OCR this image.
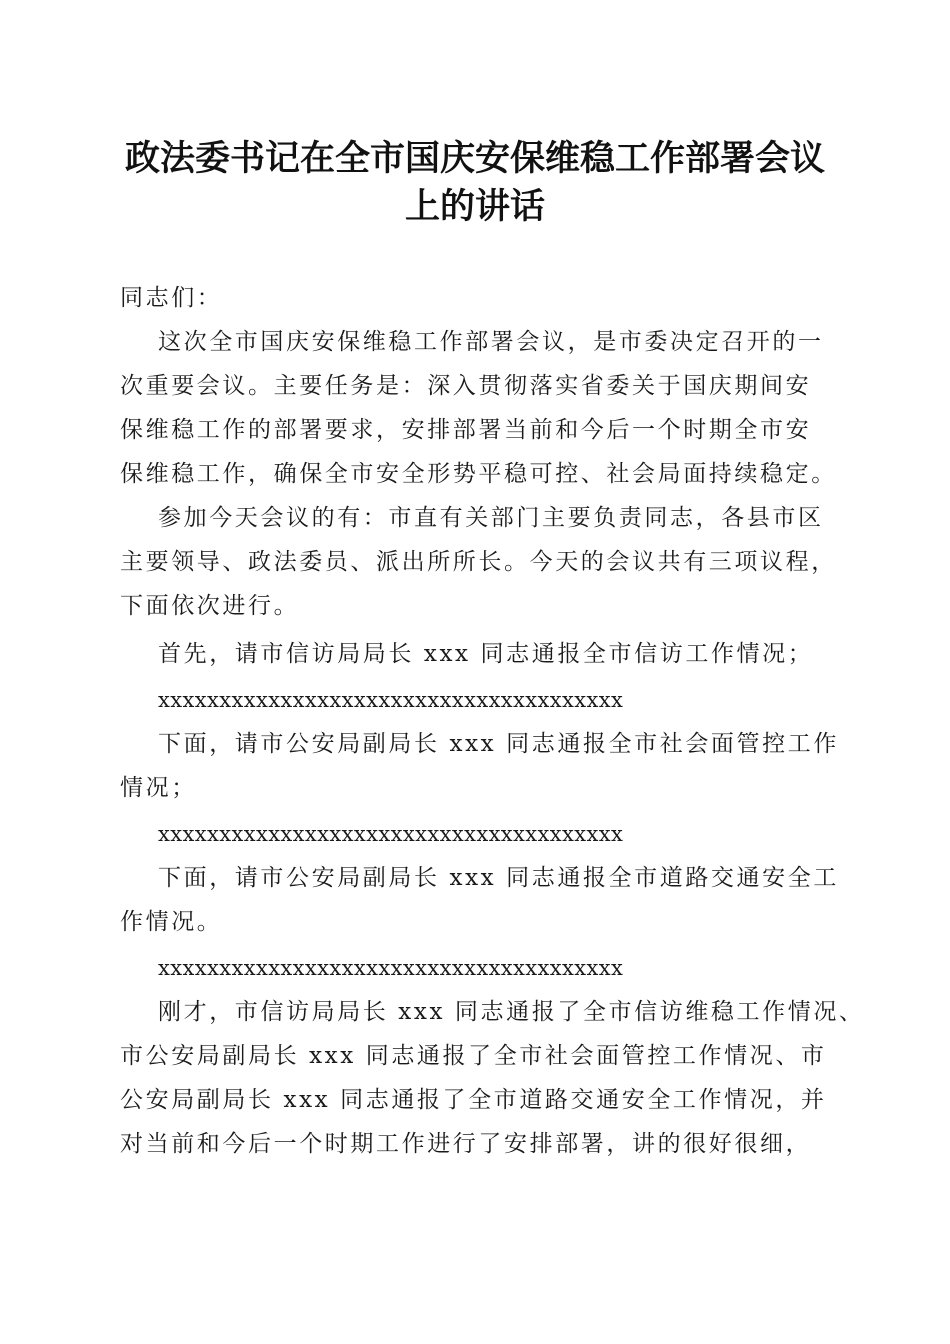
政法委书记在全市国庆安保维稳工作部署会议
上的讲话
同志们：
这次全市国庆安保维稳工作部署会议，是市委决定召开的一
次重要会议。主要任务是：深入贯彻落实省委关于国庆期间安
保维稳工作的部署要求，安排部署当前和今后一个时期全市安
保维稳工作，确保全市安全形势平稳可控、社会局面持续稳定。
参加今天会议的有：市直有关部门主要负责同志，各县市区
主要领导、政法委员、派出所所长。今天的会议共有三项议程，
下面依次进行。
首先，请市信访局局长 xxx 同志通报全市信访工作情况；
xxxxxxxxxxxxxxxxxxxxxxxxxxxxxxxxxxxxxx
下面，请市公安局副局长 xxx 同志通报全市社会面管控工作
情况；
xxxxxxxxxxxxxxxxxxxxxxxxxxxxxxxxxxxxxx
下面，请市公安局副局长 xxx 同志通报全市道路交通安全工
作情况。
xxxxxxxxxxxxxxxxxxxxxxxxxxxxxxxxxxxxxx
刚才，市信访局局长 xxx 同志通报了全市信访维稳工作情况、
市公安局副局长 xxx 同志通报了全市社会面管控工作情况、市
公安局副局长 xxx 同志通报了全市道路交通安全工作情况，并
对当前和今后一个时期工作进行了安排部署，讲的很好很细，
